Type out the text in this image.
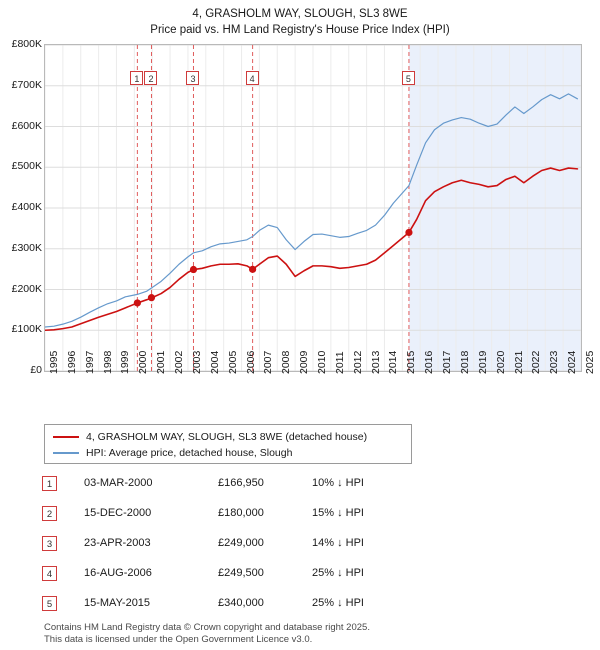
4, GRASHOLM WAY, SLOUGH, SL3 8WE
Price paid vs. HM Land Registry's House Price Index (HPI)
£0
£100K
£200K
£300K
£400K
£500K
£600K
£700K
£800K
1995 1996 1997 1998 1999 2000 2001 2002 2003 2004 2005 2006 2007 2008 2009 2010 2011 2012 2013 2014 2015 2016 2017 2018 2019 2020 2021 2022 2023 2024 2025
1	2	3	4	5
4, GRASHOLM WAY, SLOUGH, SL3 8WE (detached house)
HPI: Average price, detached house, Slough
1	03-MAR-2000	£166,950	10% ↓ HPI
2	15-DEC-2000	£180,000	15% ↓ HPI
3	23-APR-2003	£249,000	14% ↓ HPI
4	16-AUG-2006	£249,500	25% ↓ HPI
5	15-MAY-2015	£340,000	25% ↓ HPI
Contains HM Land Registry data © Crown copyright and database right 2025.
This data is licensed under the Open Government Licence v3.0.
